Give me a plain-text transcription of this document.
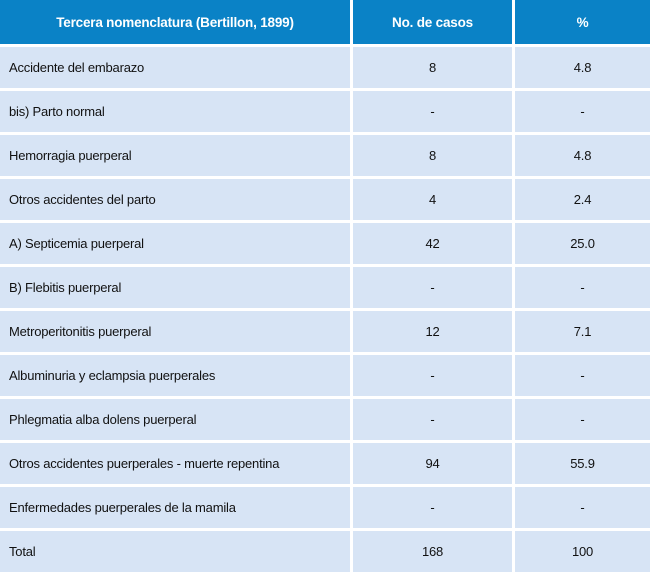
Tercera nomenclatura (Bertillon, 1899)	No. de casos	%
Accidente del embarazo	8	4.8
bis) Parto normal	-	-
Hemorragia puerperal	8	4.8
Otros accidentes del parto	4	2.4
A) Septicemia puerperal	42	25.0
B) Flebitis puerperal	-	-
Metroperitonitis puerperal	12	7.1
Albuminuria y eclampsia puerperales	-	-
Phlegmatia alba dolens puerperal	-	-
Otros accidentes puerperales - muerte repentina	94	55.9
Enfermedades puerperales de la mamila	-	-
Total	168	100
